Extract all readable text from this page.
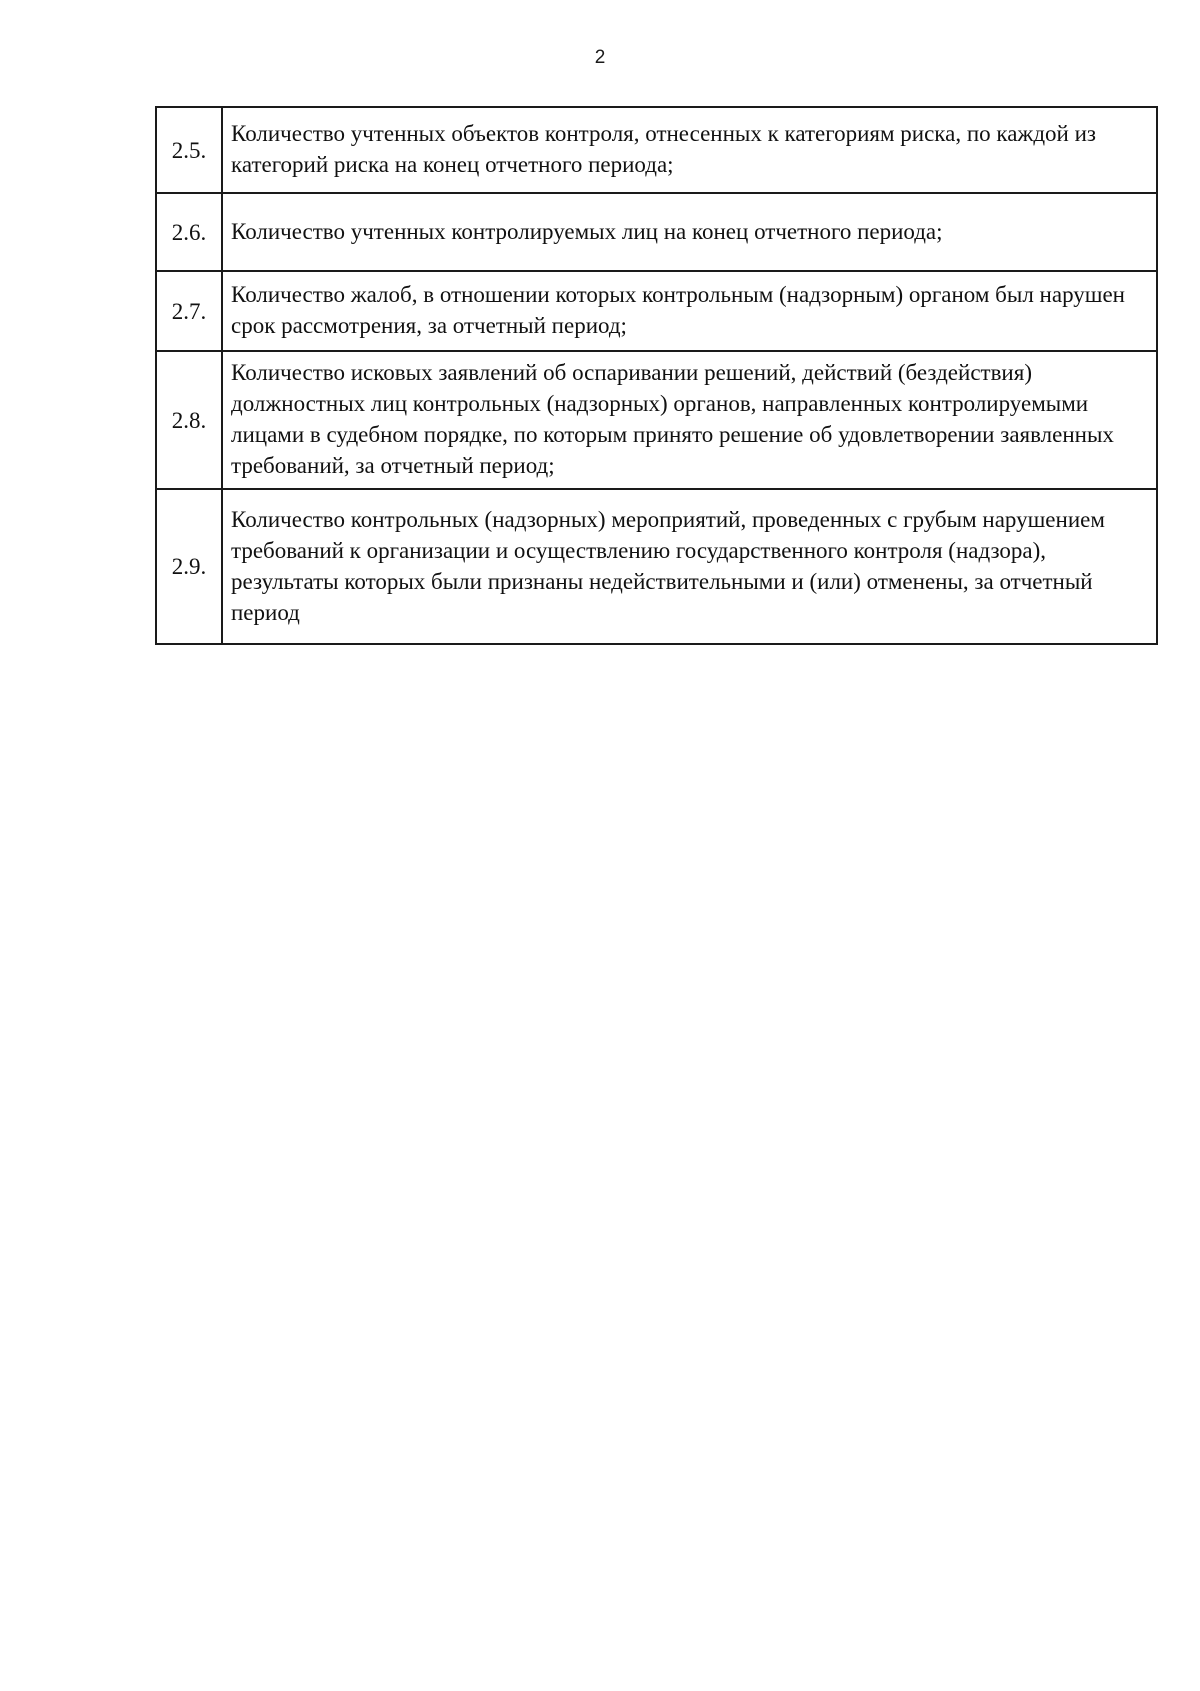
2
2.5.	Количество учтенных объектов контроля, отнесенных к категориям риска, по каждой из категорий риска на конец отчетного периода;
2.6.	Количество учтенных контролируемых лиц на конец отчетного периода;
2.7.	Количество жалоб, в отношении которых контрольным (надзорным) органом был нарушен срок рассмотрения, за отчетный период;
2.8.	Количество исковых заявлений об оспаривании решений, действий (бездействия) должностных лиц контрольных (надзорных) органов, направленных контролируемыми лицами в судебном порядке, по которым принято решение об удовлетворении заявленных требований, за отчетный период;
2.9.	Количество контрольных (надзорных) мероприятий, проведенных с грубым нарушением требований к организации и осуществлению государственного контроля (надзора), результаты которых были признаны недействительными и (или) отменены, за отчетный период
